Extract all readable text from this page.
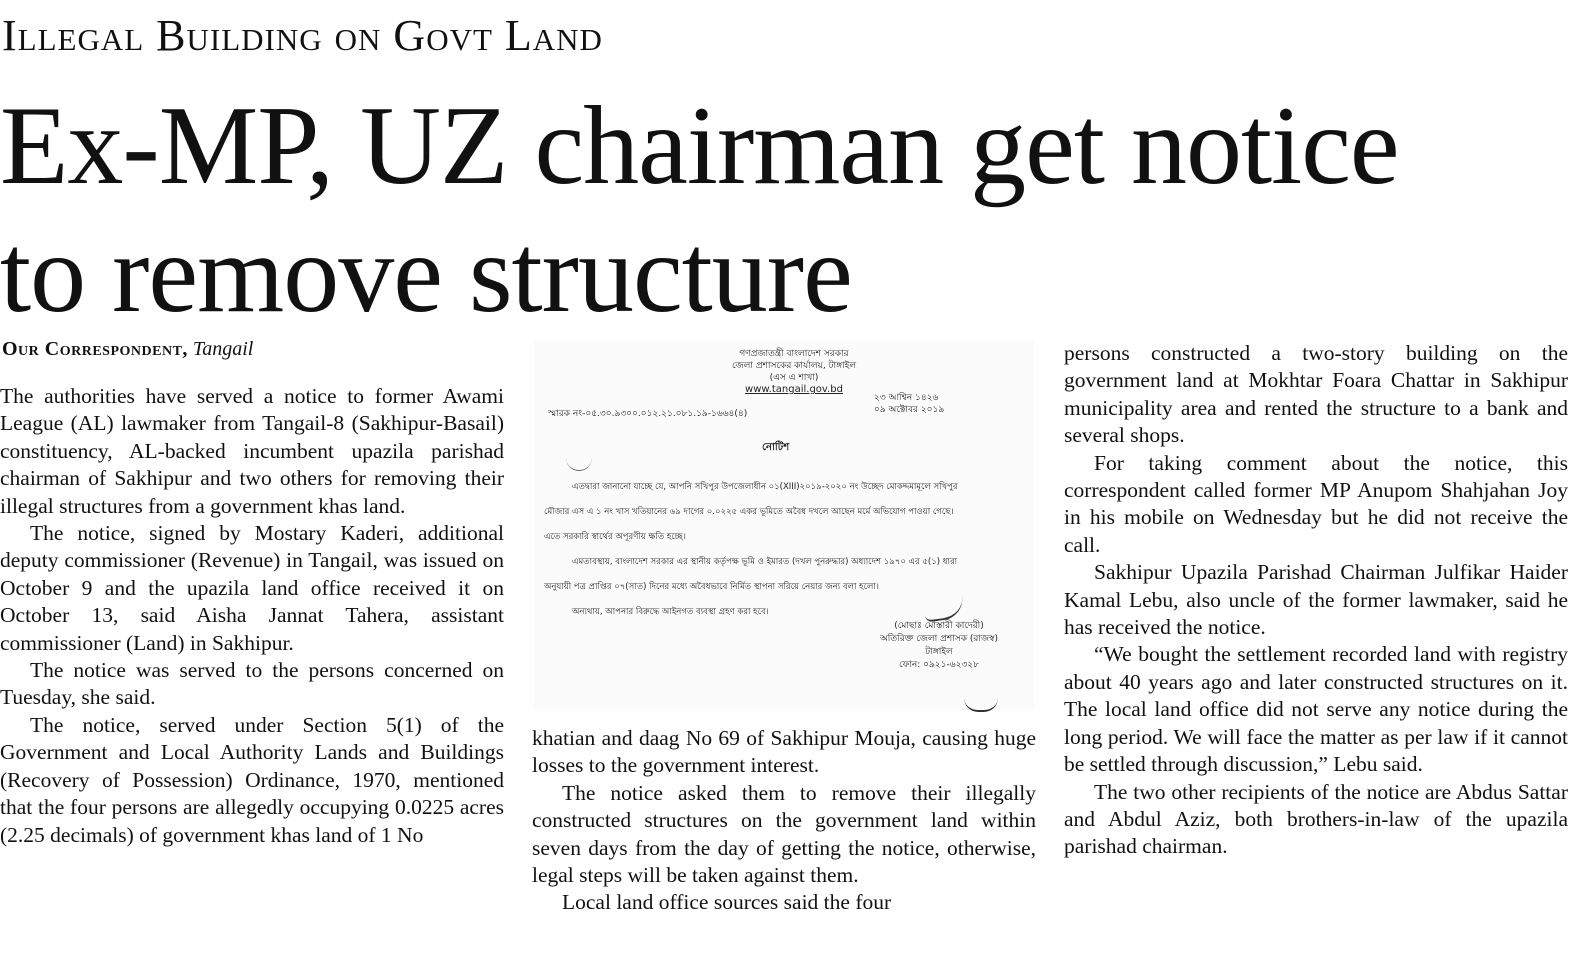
Illegal Building on Govt Land
Ex-MP, UZ chairman get notice
to remove structure
Our Correspondent, Tangail

The authorities have served a notice to former Awami League (AL) lawmaker from Tangail-8 (Sakhipur-Basail) constituency, AL-backed incumbent upazila parishad chairman of Sakhipur and two others for removing their illegal structures from a government khas land.

The notice, signed by Mostary Kaderi, additional deputy commissioner (Revenue) in Tangail, was issued on October 9 and the upazila land office received it on October 13, said Aisha Jannat Tahera, assistant commissioner (Land) in Sakhipur.

The notice was served to the persons concerned on Tuesday, she said.

The notice, served under Section 5(1) of the Government and Local Authority Lands and Buildings (Recovery of Possession) Ordinance, 1970, mentioned that the four persons are allegedly occupying 0.0225 acres (2.25 decimals) of government khas land of 1 No

গণপ্রজাতন্ত্রী বাংলাদেশ সরকার
জেলা প্রশাসকের কার্যালয়, টাঙ্গাইল
(এস এ শাখা)
www.tangail.gov.bd
২৩ আশ্বিন ১৪২৬
০৯ অক্টোবর ২০১৯
স্মারক নং-০৫.৩০.৯৩০০.০১২.২১.০৮১.১৯-১৬৬৪(৪)
নোটিশ
এতদ্বারা জানানো যাচ্ছে যে, আপনি সখিপুর উপজেলাধীন ০১(XIII)২০১৯-২০২০ নং উচ্ছেদ মোকদ্দমামূলে সখিপুর
মৌজার এস এ ১ নং খাস খতিয়ানের ৬৯ দাগের ০.০২২৫ একর ভূমিতে অবৈধ দখলে আছেন মর্মে অভিযোগ পাওয়া গেছে।
এতে সরকারি স্বার্থের অপূরণীয় ক্ষতি হচ্ছে।
এমতাবস্থায়, বাংলাদেশ সরকার এর স্থানীয় কর্তৃপক্ষ ভূমি ও ইমারত (দখল পুনরুদ্ধার) অধ্যাদেশ ১৯৭০ এর ৫(১) ধারা
অনুযায়ী পত্র প্রাপ্তির ০৭(সাত) দিনের মধ্যে অবৈধভাবে নির্মিত স্থাপনা সরিয়ে নেয়ার জন্য বলা হলো।
অন্যথায়, আপনার বিরুদ্ধে আইনগত ব্যবস্থা গ্রহণ করা হবে।
(মোছাঃ মোস্তারী কাদেরী)
অতিরিক্ত জেলা প্রশাসক (রাজস্ব)
টাঙ্গাইল
ফোন: ০৯২১-৬২৩২৮

khatian and daag No 69 of Sakhipur Mouja, causing huge losses to the government interest.

The notice asked them to remove their illegally constructed structures on the government land within seven days from the day of getting the notice, otherwise, legal steps will be taken against them.

Local land office sources said the four

persons constructed a two-story building on the government land at Mokhtar Foara Chattar in Sakhipur municipality area and rented the structure to a bank and several shops.

For taking comment about the notice, this correspondent called former MP Anupom Shahjahan Joy in his mobile on Wednesday but he did not receive the call.

Sakhipur Upazila Parishad Chairman Julfikar Haider Kamal Lebu, also uncle of the former lawmaker, said he has received the notice.

“We bought the settlement recorded land with registry about 40 years ago and later constructed structures on it. The local land office did not serve any notice during the long period. We will face the matter as per law if it cannot be settled through discussion,” Lebu said.

The two other recipients of the notice are Abdus Sattar and Abdul Aziz, both brothers-in-law of the upazila parishad chairman.
